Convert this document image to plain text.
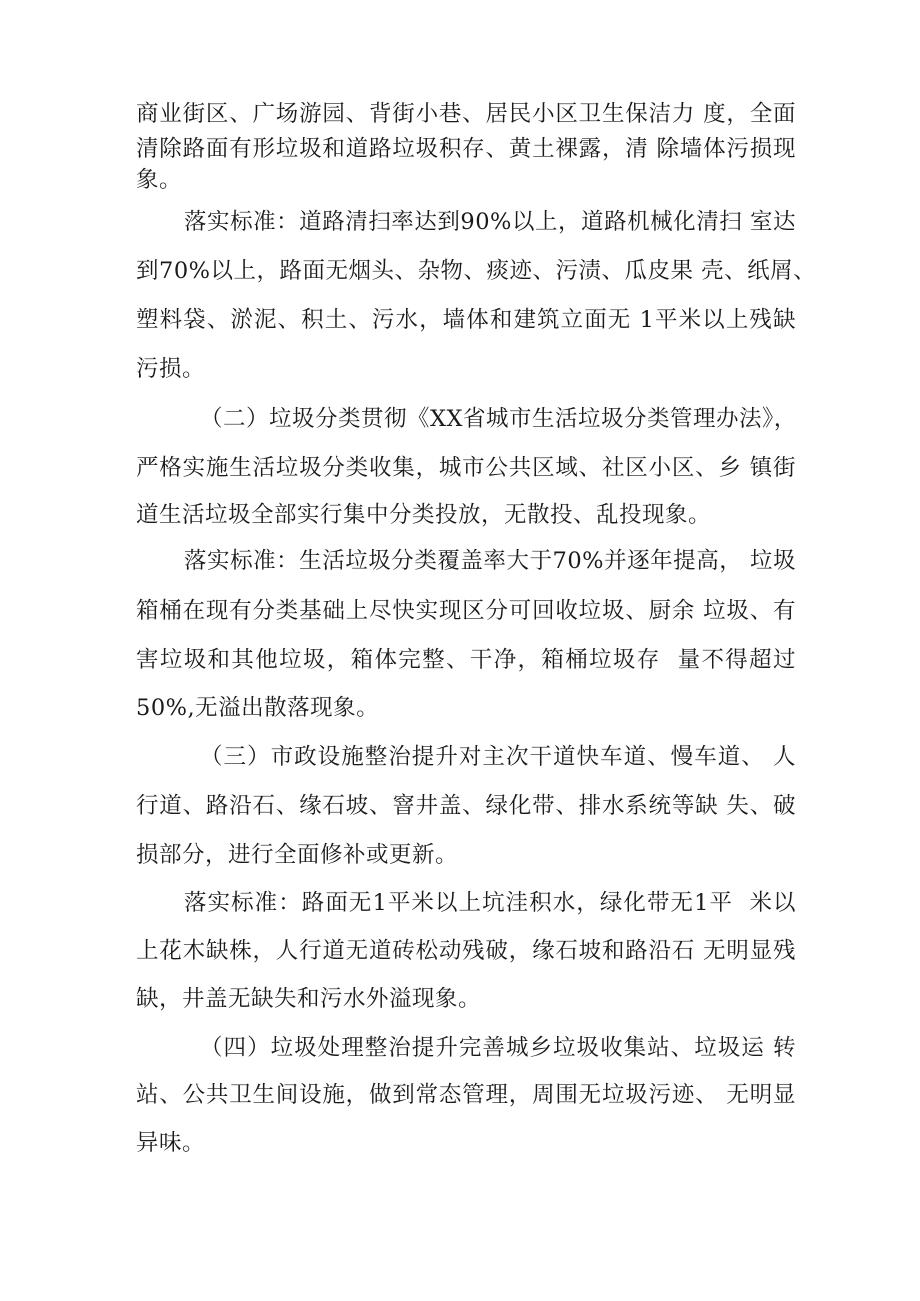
商业街区、广场游园、背街小巷、居民小区卫生保洁力 度，全面
清除路面有形垃圾和道路垃圾积存、黄土裸露，清 除墙体污损现
象。
落实标准：道路清扫率达到90%以上，道路机械化清扫 室达
到70%以上，路面无烟头、杂物、痰迹、污渍、瓜皮果 壳、纸屑、
塑料袋、淤泥、积土、污水，墙体和建筑立面无 1平米以上残缺
污损。
（二）垃圾分类贯彻《XX省城市生活垃圾分类管理办法》，
严格实施生活垃圾分类收集，城市公共区域、社区小区、乡 镇街
道生活垃圾全部实行集中分类投放，无散投、乱投现象。
落实标准：生活垃圾分类覆盖率大于70%并逐年提高， 垃圾
箱桶在现有分类基础上尽快实现区分可回收垃圾、厨余 垃圾、有
害垃圾和其他垃圾，箱体完整、干净，箱桶垃圾存  量不得超过
50%,无溢出散落现象。
（三）市政设施整治提升对主次干道快车道、慢车道、 人
行道、路沿石、缘石坡、窨井盖、绿化带、排水系统等缺 失、破
损部分，进行全面修补或更新。
落实标准：路面无1平米以上坑洼积水，绿化带无1平  米以
上花木缺株，人行道无道砖松动残破，缘石坡和路沿石 无明显残
缺，井盖无缺失和污水外溢现象。
（四）垃圾处理整治提升完善城乡垃圾收集站、垃圾运 转
站、公共卫生间设施，做到常态管理，周围无垃圾污迹、 无明显
异味。
